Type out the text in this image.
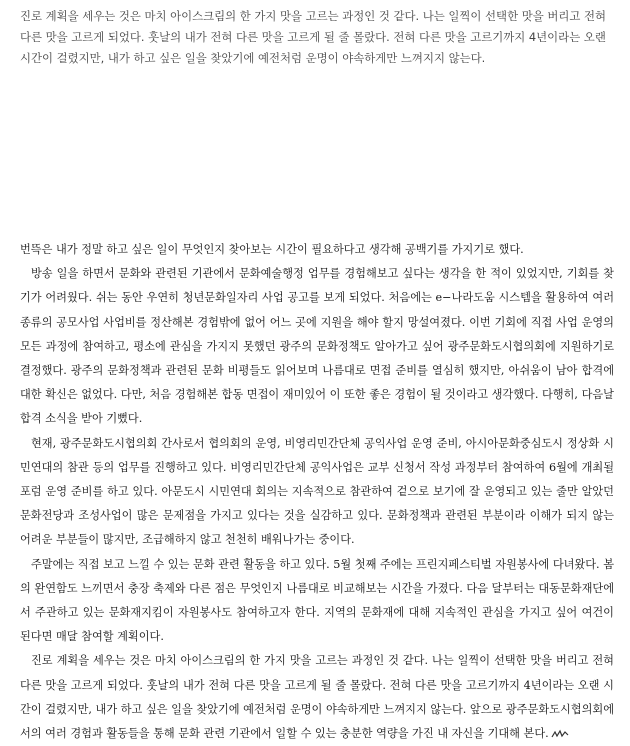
진로 계획을 세우는 것은 마치 아이스크림의 한 가지 맛을 고르는 과정인 것 같다. 나는 일찍이 선택한 맛을 버리고 전혀 다른 맛을 고르게 되었다. 훗날의 내가 전혀 다른 맛을 고르게 될 줄 몰랐다. 전혀 다른 맛을 고르기까지 4년이라는 오랜 시간이 걸렸지만, 내가 하고 싶은 일을 찾았기에 예전처럼 운명이 야속하게만 느껴지지 않는다.

번뜩은 내가 정말 하고 싶은 일이 무엇인지 찾아보는 시간이 필요하다고 생각해 공백기를 가지기로 했다.

방송 일을 하면서 문화와 관련된 기관에서 문화예술행정 업무를 경험해보고 싶다는 생각을 한 적이 있었지만, 기회를 찾기가 어려웠다. 쉬는 동안 우연히 청년문화일자리 사업 공고를 보게 되었다. 처음에는 e−나라도움 시스템을 활용하여 여러 종류의 공모사업 사업비를 정산해본 경험밖에 없어 어느 곳에 지원을 해야 할지 망설여졌다. 이번 기회에 직접 사업 운영의 모든 과정에 참여하고, 평소에 관심을 가지지 못했던 광주의 문화정책도 알아가고 싶어 광주문화도시협의회에 지원하기로 결정했다. 광주의 문화정책과 관련된 문화 비평들도 읽어보며 나름대로 면접 준비를 열심히 했지만, 아쉬움이 남아 합격에 대한 확신은 없었다. 다만, 처음 경험해본 합동 면접이 재미있어 이 또한 좋은 경험이 될 것이라고 생각했다. 다행히, 다음날 합격 소식을 받아 기뻤다.

현재, 광주문화도시협의회 간사로서 협의회의 운영, 비영리민간단체 공익사업 운영 준비, 아시아문화중심도시 정상화 시민연대의 참관 등의 업무를 진행하고 있다. 비영리민간단체 공익사업은 교부 신청서 작성 과정부터 참여하여 6월에 개최될 포럼 운영 준비를 하고 있다. 아문도시 시민연대 회의는 지속적으로 참관하여 겉으로 보기에 잘 운영되고 있는 줄만 알았던 문화전당과 조성사업이 많은 문제점을 가지고 있다는 것을 실감하고 있다. 문화정책과 관련된 부분이라 이해가 되지 않는 어려운 부분들이 많지만, 조급해하지 않고 천천히 배워나가는 중이다.

주말에는 직접 보고 느낄 수 있는 문화 관련 활동을 하고 있다. 5월 첫째 주에는 프린지페스티벌 자원봉사에 다녀왔다. 봄의 완연함도 느끼면서 충장 축제와 다른 점은 무엇인지 나름대로 비교해보는 시간을 가졌다. 다음 달부터는 대동문화재단에서 주관하고 있는 문화재지킴이 자원봉사도 참여하고자 한다. 지역의 문화재에 대해 지속적인 관심을 가지고 싶어 여건이 된다면 매달 참여할 계획이다.

진로 계획을 세우는 것은 마치 아이스크림의 한 가지 맛을 고르는 과정인 것 같다. 나는 일찍이 선택한 맛을 버리고 전혀 다른 맛을 고르게 되었다. 훗날의 내가 전혀 다른 맛을 고르게 될 줄 몰랐다. 전혀 다른 맛을 고르기까지 4년이라는 오랜 시간이 걸렸지만, 내가 하고 싶은 일을 찾았기에 예전처럼 운명이 야속하게만 느껴지지 않는다. 앞으로 광주문화도시협의회에서의 여러 경험과 활동들을 통해 문화 관련 기관에서 일할 수 있는 충분한 역량을 가진 내 자신을 기대해 본다.
